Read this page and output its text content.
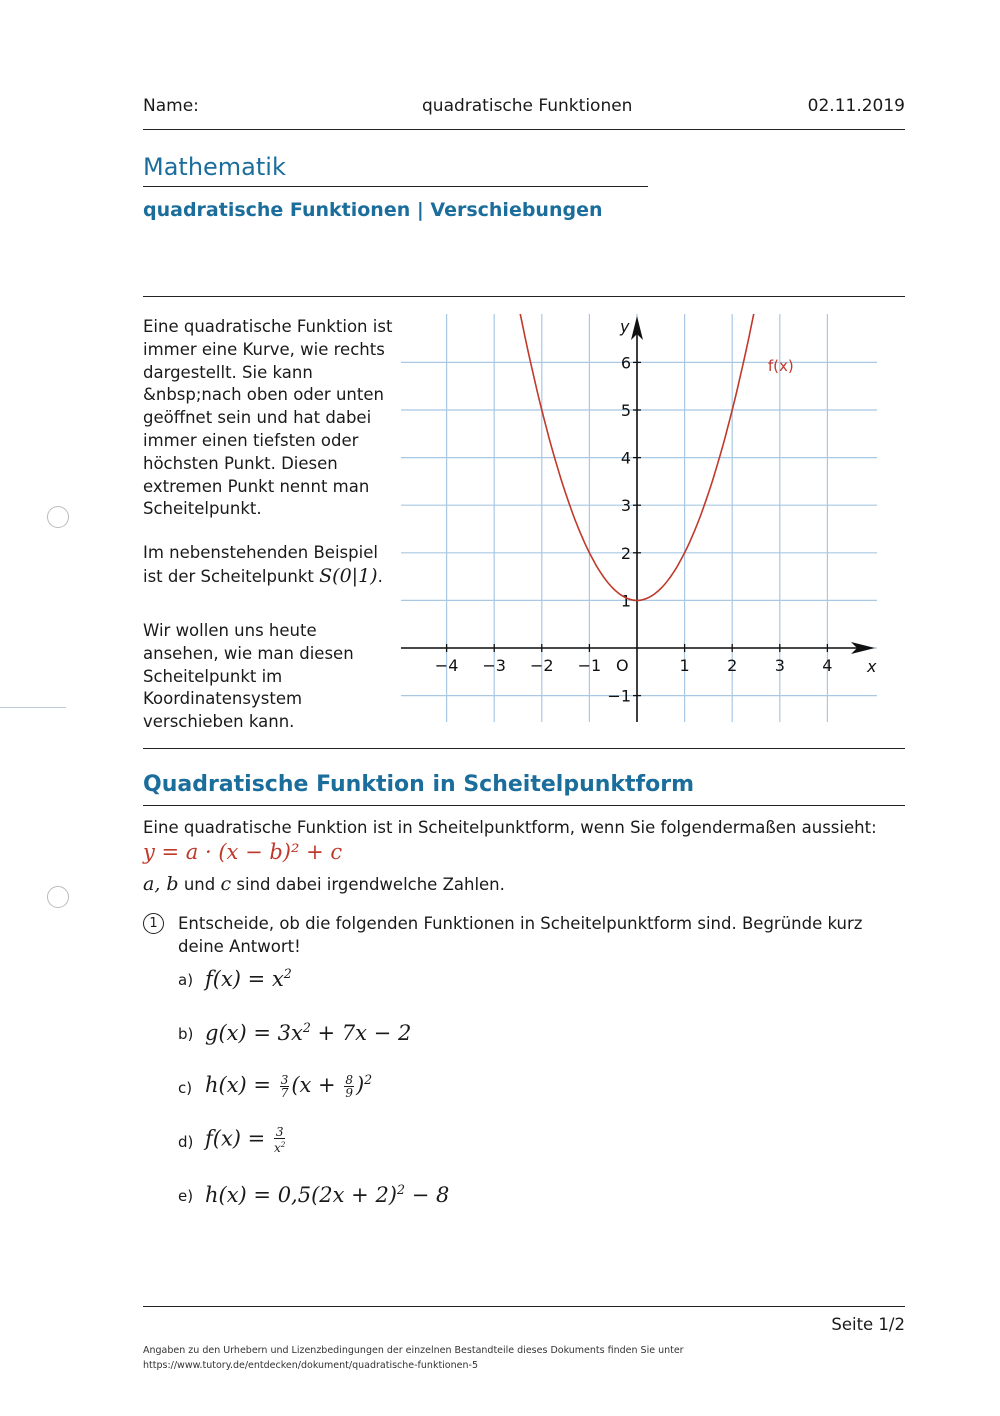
Name:	quadratische Funktionen	02.11.2019
Mathematik
quadratische Funktionen | Verschiebungen
Eine quadratische Funktion ist
immer eine Kurve, wie rechts
dargestellt. Sie kann
&nbsp;nach oben oder unten
geöffnet sein und hat dabei
immer einen tiefsten oder
höchsten Punkt. Diesen
extremen Punkt nennt man
Scheitelpunkt.
Im nebenstehenden Beispiel
ist der Scheitelpunkt S(0|1).
Wir wollen uns heute
ansehen, wie man diesen
Scheitelpunkt im
Koordinatensystem
verschieben kann.
−4 −3 −2 −1	1 2 3 4
−1
1
2
3
4
5
6
O	x
y
f(x)
Quadratische Funktion in Scheitelpunktform
Eine quadratische Funktion ist in Scheitelpunktform, wenn Sie folgendermaßen aussieht:
y = a · (x − b)² + c
a, b und c sind dabei irgendwelche Zahlen.
1	Entscheide, ob die folgenden Funktionen in Scheitelpunktform sind. Begründe kurz deine Antwort!
a) $f(x) = x^2$
b) $g(x) = 3x^2 + 7x - 2$
c) $h(x) = \frac{3}{7} (x + \frac{8}{9} )^2$
d) $f(x) = \frac{3}{x^2}$
e) $h(x) = 0,5(2x + 2)^2 - 8$
Seite 1/2
Angaben zu den Urhebern und Lizenzbedingungen der einzelnen Bestandteile dieses Dokuments finden Sie unter
https://www.tutory.de/entdecken/dokument/quadratische-funktionen-5
